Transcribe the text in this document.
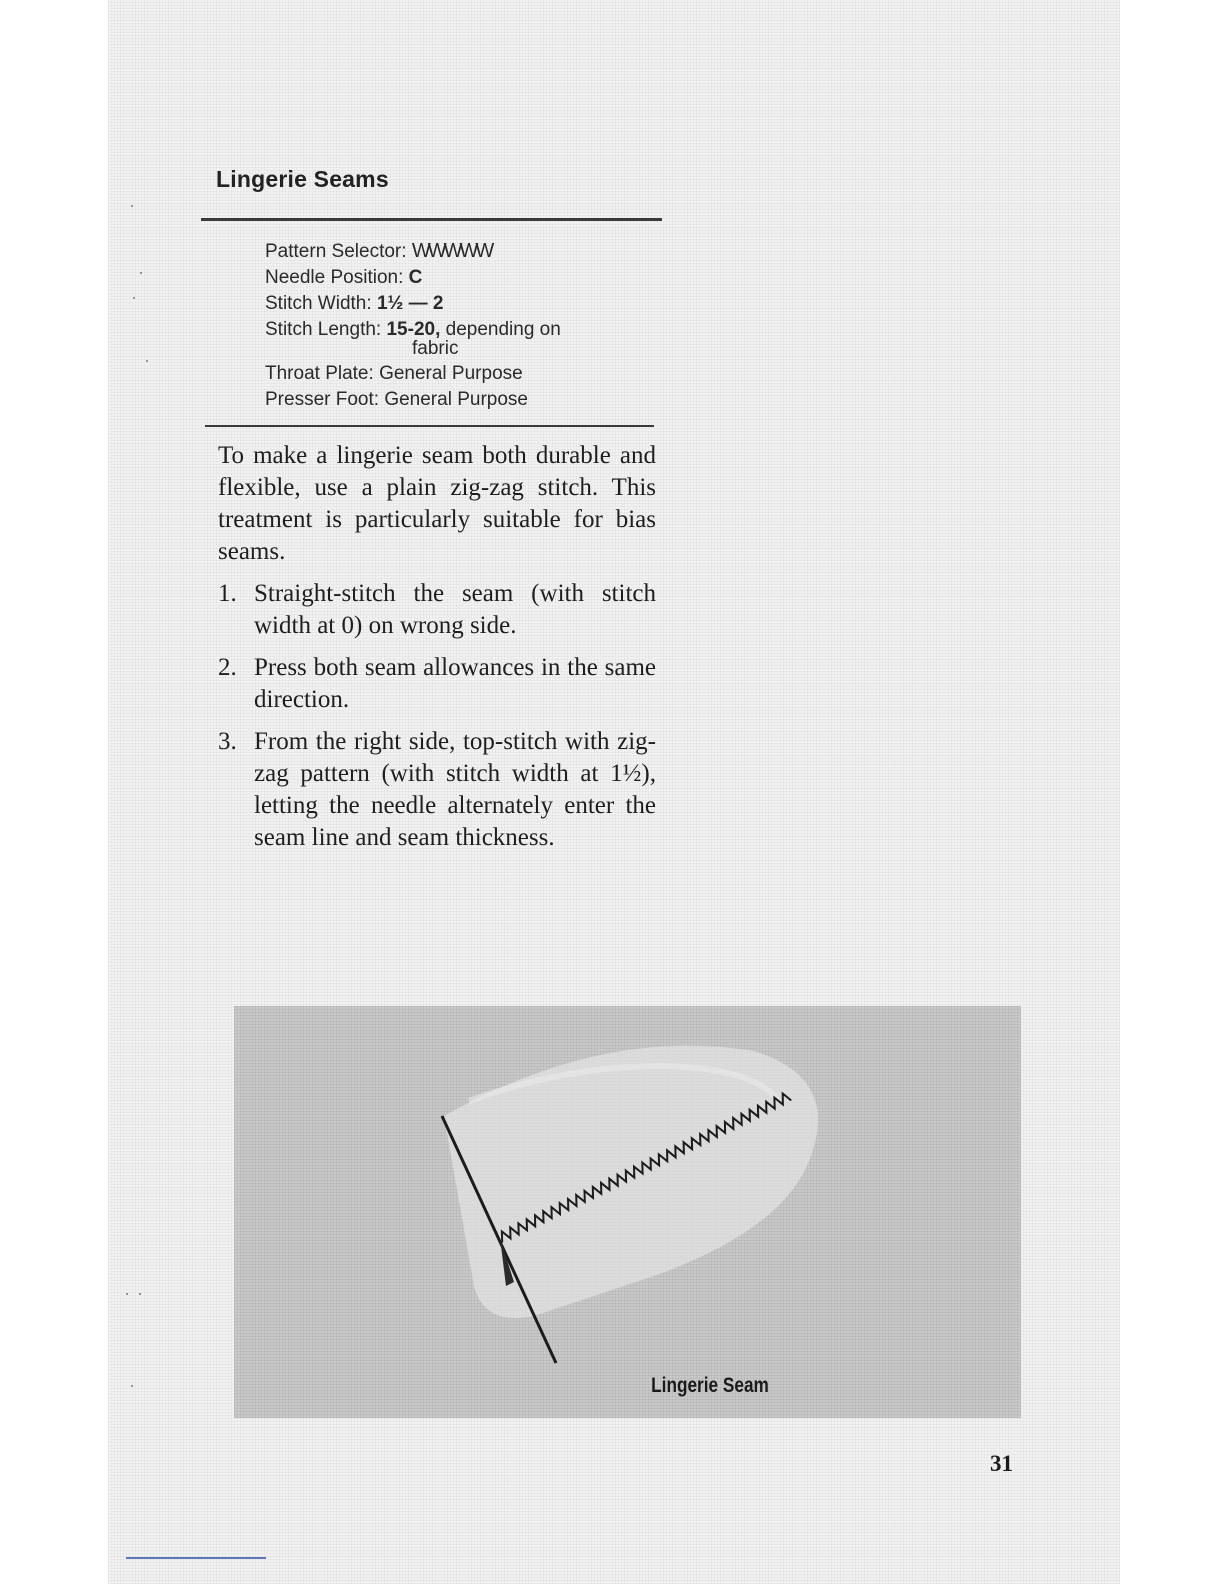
Lingerie Seams
Pattern Selector: WWWWW
Needle Position: C
Stitch Width: 1½ — 2
Stitch Length: 15-20, depending on
fabric
Throat Plate: General Purpose
Presser Foot: General Purpose

To make a lingerie seam both durable and flexible, use a plain zig-zag stitch. This treatment is particularly suitable for bias seams.

1. Straight-stitch the seam (with stitch width at 0) on wrong side.
2. Press both seam allowances in the same direction.
3. From the right side, top-stitch with zig-zag pattern (with stitch width at 1½), letting the needle alternately enter the seam line and seam thickness.
Lingerie Seam
31
